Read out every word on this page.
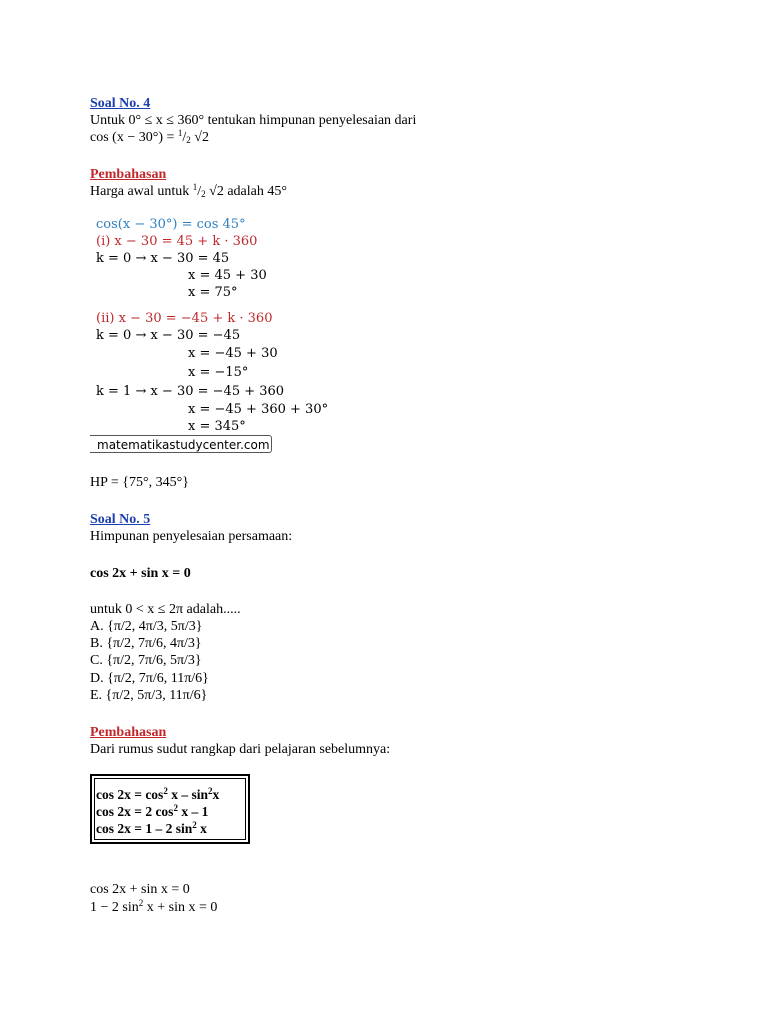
Soal No. 4
Untuk 0° ≤ x ≤ 360° tentukan himpunan penyelesaian dari
$\cos (x - 30^\circ) = ^1/_2$ √2
Pembahasan
Harga awal untuk $^1/_2$ √2 adalah 45°
cos(x − 30°) = cos 45°
(i) x − 30 = 45 + k · 360
k = 0 → x − 30 = 45
x = 45 + 30
x = 75°
(ii) x − 30 = −45 + k · 360
k = 0 → x − 30 = −45
x = −45 + 30
x = −15°
k = 1 → x − 30 = −45 + 360
x = −45 + 360 + 30°
x = 345°
matematikastudycenter.com
HP = {75°, 345°}
Soal No. 5
Himpunan penyelesaian persamaan:
cos 2x + sin x = 0
untuk 0 < x ≤ 2π adalah.....
A. {π/2, 4π/3, 5π/3}
B. {π/2, 7π/6, 4π/3}
C. {π/2, 7π/6, 5π/3}
D. {π/2, 7π/6, 11π/6}
E. {π/2, 5π/3, 11π/6}
Pembahasan
Dari rumus sudut rangkap dari pelajaran sebelumnya:
$\cos 2x = \cos^2 x - \sin^2x$
cos 2x = 2 $\cos^2 x - 1$
cos 2x = 1 – 2 $\sin^2 x$
cos 2x + sin x = 0
1 − 2 $\sin^2 x + \sin x = 0$
